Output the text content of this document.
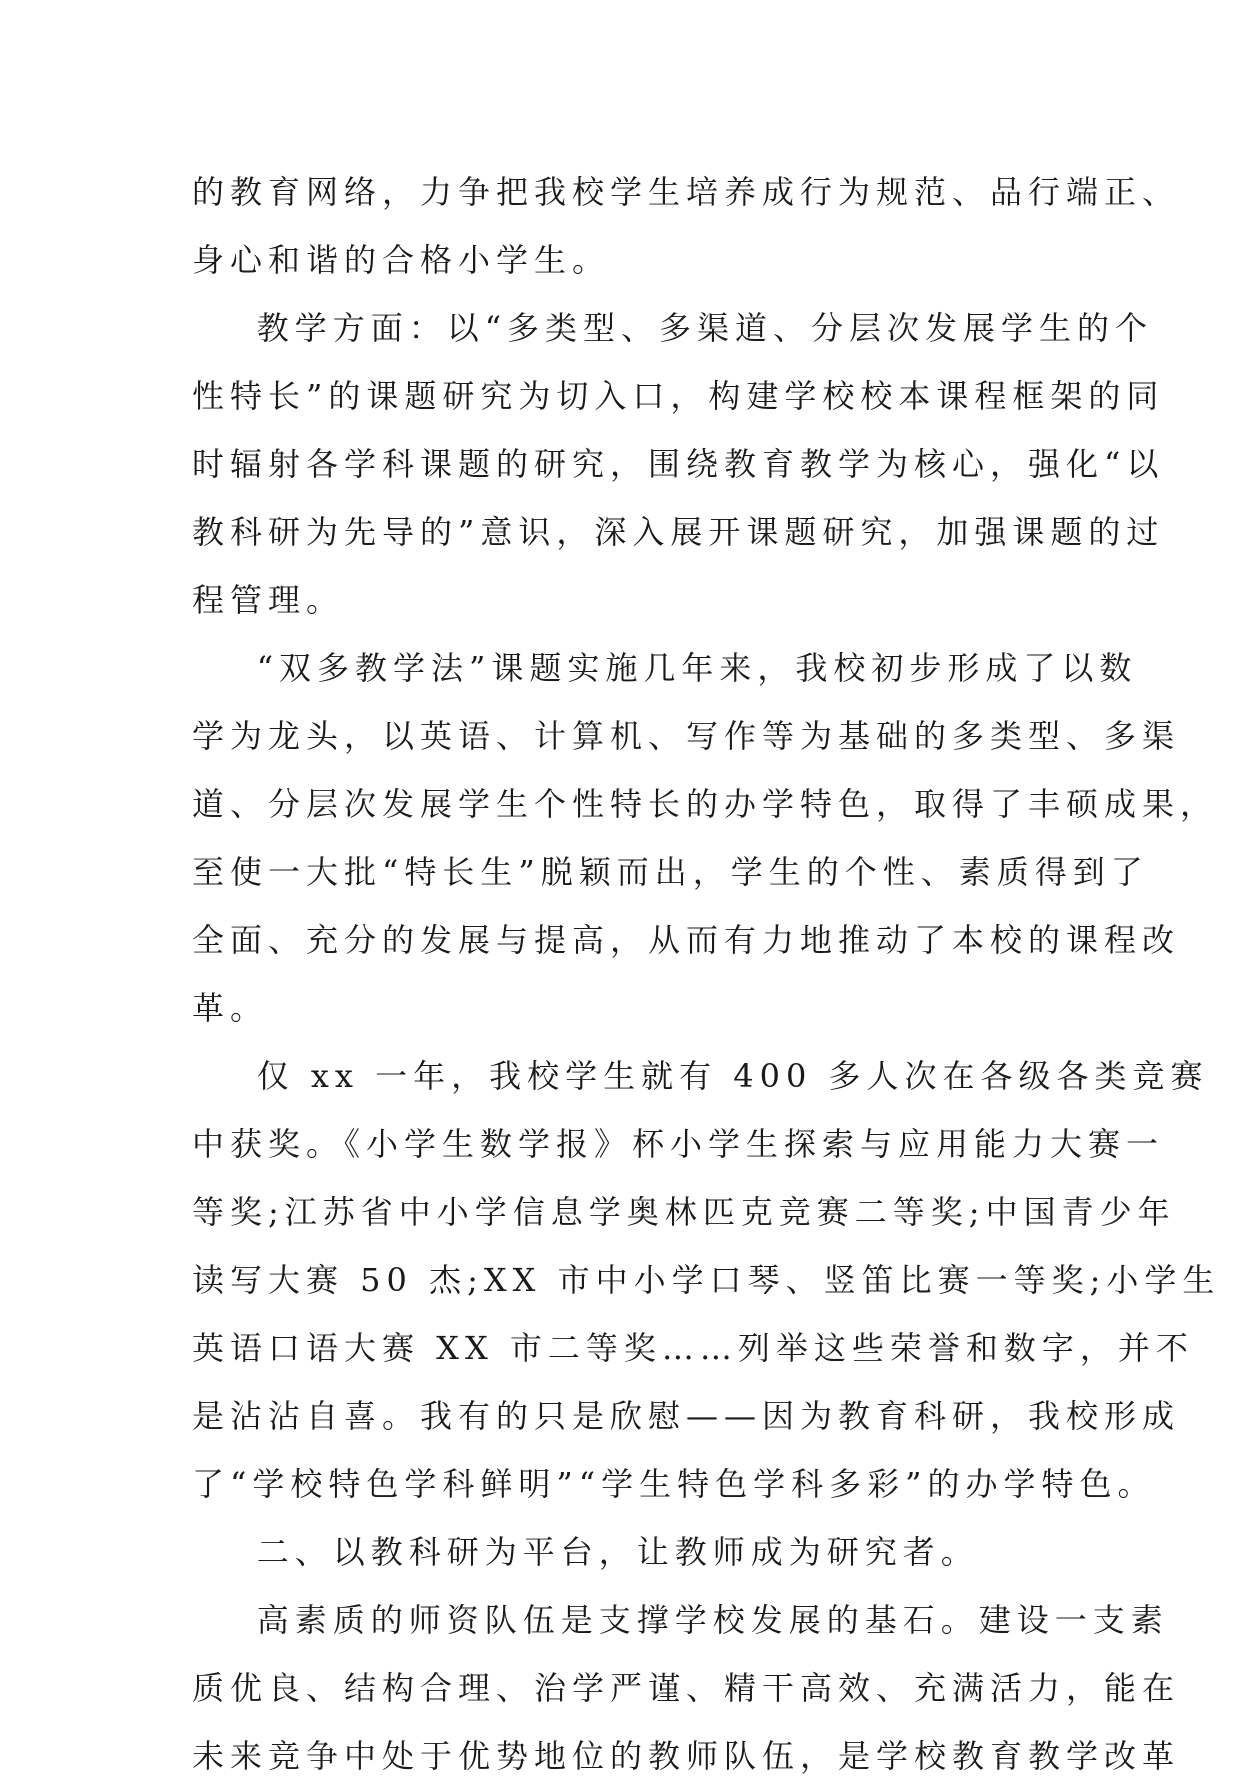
的教育网络，力争把我校学生培养成行为规范、品行端正、
身心和谐的合格小学生。
教学方面：以“多类型、多渠道、分层次发展学生的个
性特长”的课题研究为切入口，构建学校校本课程框架的同
时辐射各学科课题的研究，围绕教育教学为核心，强化“以
教科研为先导的”意识，深入展开课题研究，加强课题的过
程管理。
“双多教学法”课题实施几年来，我校初步形成了以数
学为龙头，以英语、计算机、写作等为基础的多类型、多渠
道、分层次发展学生个性特长的办学特色，取得了丰硕成果，
至使一大批“特长生”脱颖而出，学生的个性、素质得到了
全面、充分的发展与提高，从而有力地推动了本校的课程改
革。
仅 xx 一年，我校学生就有 400 多人次在各级各类竞赛
中获奖。《小学生数学报》杯小学生探索与应用能力大赛一
等奖;江苏省中小学信息学奥林匹克竞赛二等奖;中国青少年
读写大赛 50 杰;XX 市中小学口琴、竖笛比赛一等奖;小学生
英语口语大赛 XX 市二等奖……列举这些荣誉和数字，并不
是沾沾自喜。我有的只是欣慰——因为教育科研，我校形成
了“学校特色学科鲜明”“学生特色学科多彩”的办学特色。
二、以教科研为平台，让教师成为研究者。
高素质的师资队伍是支撑学校发展的基石。建设一支素
质优良、结构合理、治学严谨、精干高效、充满活力，能在
未来竞争中处于优势地位的教师队伍，是学校教育教学改革
